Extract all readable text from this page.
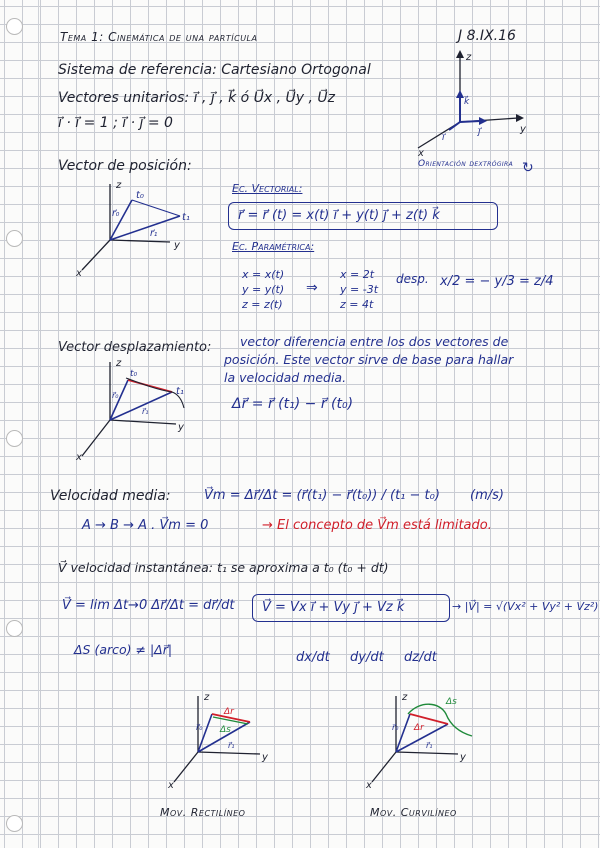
Tema 1: Cinemática de una partícula	J 8.IX.16
Sistema de referencia: Cartesiano Ortogonal
Vectores unitarios: i⃗ , j⃗ , k⃗ ó U⃗x , U⃗y , U⃗z
i⃗ · i⃗ = 1 ; i⃗ · j⃗ = 0
z
y
x
k⃗
j⃗
i⃗
Orientación dextrógira ↻
Vector de posición:
z
y
x
t₀
t₁
r⃗₀
r⃗₁
Ec. Vectorial:
r⃗ = r⃗ (t) = x(t) i⃗ + y(t) j⃗ + z(t) k⃗
Ec. Paramétrica:
x = x(t)
y = y(t)
z = z(t)
⇒
x = 2t
y = -3t
z = 4t
desp. x/2 = − y/3 = z/4
Vector desplazamiento: vector diferencia entre los dos vectores de
posición. Este vector sirve de base para hallar
la velocidad media.
Δr⃗ = r⃗ (t₁) − r⃗ (t₀)
z
y
x
t₀
t₁
r⃗₀
r⃗₁
Velocidad media:	V⃗m = Δr⃗/Δt = (r⃗(t₁) − r⃗(t₀)) / (t₁ − t₀) (m/s)
A → B → A . V⃗m = 0	→ El concepto de V⃗m está limitado.
V⃗ velocidad instantánea: t₁ se aproxima a t₀ (t₀ + dt)
V⃗ = lim Δt→0 Δr⃗/Δt = dr⃗/dt V⃗ = Vx i⃗ + Vy j⃗ + Vz k⃗	→ |V⃗| = √(Vx² + Vy² + Vz²)
dx/dt dy/dt dz/dt
ΔS (arco) ≠ |Δr⃗|
z
y
x
Δr
Δs
r⃗₀
r⃗₁
Mov. Rectilíneo
z
y
x
Δs
Δr
r⃗₀
r⃗₁
Mov. Curvilíneo
